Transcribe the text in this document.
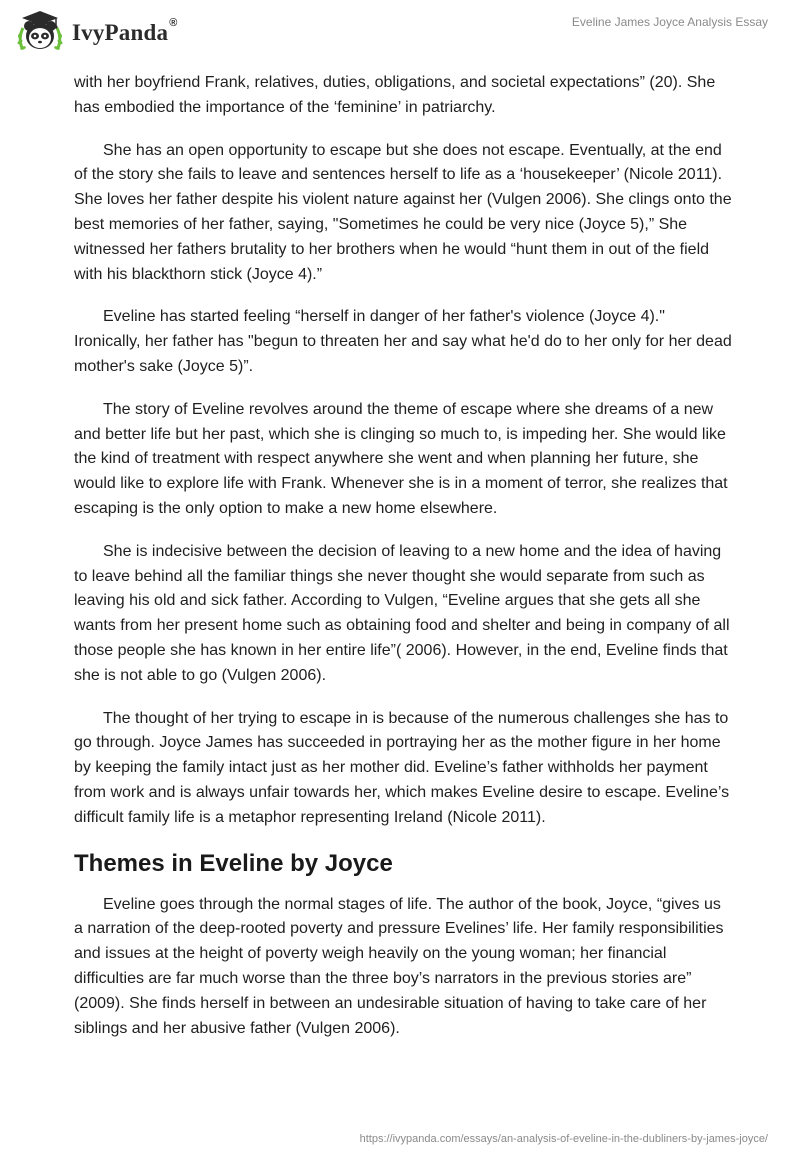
IvyPanda ®	Eveline James Joyce Analysis Essay

with her boyfriend Frank, relatives, duties, obligations, and societal expectations” (20). She has embodied the importance of the ‘feminine’ in patriarchy.

She has an open opportunity to escape but she does not escape. Eventually, at the end of the story she fails to leave and sentences herself to life as a ‘housekeeper’ (Nicole 2011). She loves her father despite his violent nature against her (Vulgen 2006). She clings onto the best memories of her father, saying, "Sometimes he could be very nice (Joyce 5),” She witnessed her fathers brutality to her brothers when he would “hunt them in out of the field with his blackthorn stick (Joyce 4).”

Eveline has started feeling “herself in danger of her father's violence (Joyce 4)." Ironically, her father has "begun to threaten her and say what he'd do to her only for her dead mother's sake (Joyce 5)”.

The story of Eveline revolves around the theme of escape where she dreams of a new and better life but her past, which she is clinging so much to, is impeding her. She would like the kind of treatment with respect anywhere she went and when planning her future, she would like to explore life with Frank. Whenever she is in a moment of terror, she realizes that escaping is the only option to make a new home elsewhere.

She is indecisive between the decision of leaving to a new home and the idea of having to leave behind all the familiar things she never thought she would separate from such as leaving his old and sick father. According to Vulgen, “Eveline argues that she gets all she wants from her present home such as obtaining food and shelter and being in company of all those people she has known in her entire life”( 2006). However, in the end, Eveline finds that she is not able to go (Vulgen 2006).

The thought of her trying to escape in is because of the numerous challenges she has to go through. Joyce James has succeeded in portraying her as the mother figure in her home by keeping the family intact just as her mother did. Eveline’s father withholds her payment from work and is always unfair towards her, which makes Eveline desire to escape. Eveline’s difficult family life is a metaphor representing Ireland (Nicole 2011).

Themes in Eveline by Joyce

Eveline goes through the normal stages of life. The author of the book, Joyce, “gives us a narration of the deep-rooted poverty and pressure Evelines’ life. Her family responsibilities and issues at the height of poverty weigh heavily on the young woman; her financial difficulties are far much worse than the three boy’s narrators in the previous stories are” (2009). She finds herself in between an undesirable situation of having to take care of her siblings and her abusive father (Vulgen 2006).

https://ivypanda.com/essays/an-analysis-of-eveline-in-the-dubliners-by-james-joyce/
